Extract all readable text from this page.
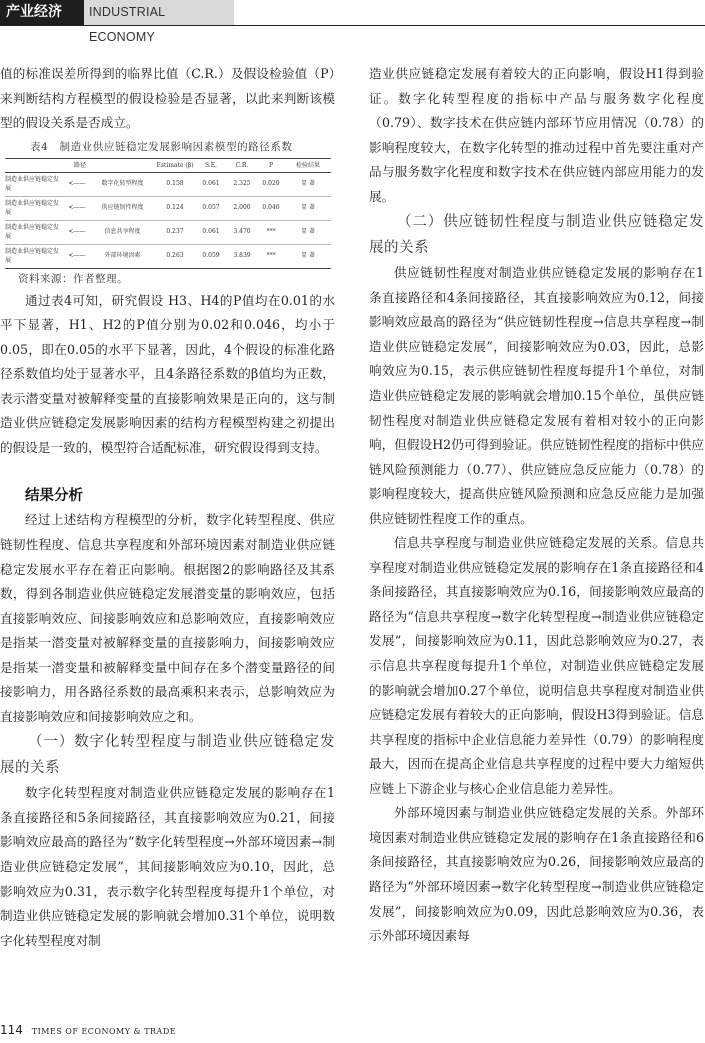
产业经济	INDUSTRIAL ECONOMY

值的标准误差所得到的临界比值（C.R.）及假设检验值（P）来判断结构方程模型的假设检验是否显著，以此来判断该模型的假设关系是否成立。

表4　制造业供应链稳定发展影响因素模型的路径系数
路径			Estimate (β)	S.E.	C.R.	P	检验结果
制造业供应链稳定发展	<——	数字化转型程度	0.158	0.061	2.325	0.020	显 著
制造业供应链稳定发展	<——	供应链韧性程度	0.124	0.057	2.000	0.046	显 著
制造业供应链稳定发展	<——	信息共享程度	0.237	0.061	3.470	***	显 著
制造业供应链稳定发展	<——	外部环境因素	0.263	0.059	3.839	***	显 著
资料来源：作者整理。

通过表4可知，研究假设 H3、H4的P值均在0.01的水平下显著，H1、H2的P值分别为0.02和0.046，均小于0.05，即在0.05的水平下显著，因此，4个假设的标准化路径系数值均处于显著水平，且4条路径系数的β值均为正数，表示潜变量对被解释变量的直接影响效果是正向的，这与制造业供应链稳定发展影响因素的结构方程模型构建之初提出的假设是一致的，模型符合适配标准，研究假设得到支持。

结果分析

经过上述结构方程模型的分析，数字化转型程度、供应链韧性程度、信息共享程度和外部环境因素对制造业供应链稳定发展水平存在着正向影响。根据图2的影响路径及其系数，得到各制造业供应链稳定发展潜变量的影响效应，包括直接影响效应、间接影响效应和总影响效应，直接影响效应是指某一潜变量对被解释变量的直接影响力，间接影响效应是指某一潜变量和被解释变量中间存在多个潜变量路径的间接影响力，用各路径系数的最高乘积来表示，总影响效应为直接影响效应和间接影响效应之和。

（一）数字化转型程度与制造业供应链稳定发展的关系

数字化转型程度对制造业供应链稳定发展的影响存在1条直接路径和5条间接路径，其直接影响效应为0.21，间接影响效应最高的路径为“数字化转型程度→外部环境因素→制造业供应链稳定发展”，其间接影响效应为0.10，因此，总影响效应为0.31，表示数字化转型程度每提升1个单位，对制造业供应链稳定发展的影响就会增加0.31个单位，说明数字化转型程度对制

造业供应链稳定发展有着较大的正向影响，假设H1得到验证。数字化转型程度的指标中产品与服务数字化程度（0.79）、数字技术在供应链内部环节应用情况（0.78）的影响程度较大，在数字化转型的推动过程中首先要注重对产品与服务数字化程度和数字技术在供应链内部应用能力的发展。

（二）供应链韧性程度与制造业供应链稳定发展的关系

供应链韧性程度对制造业供应链稳定发展的影响存在1条直接路径和4条间接路径，其直接影响效应为0.12，间接影响效应最高的路径为“供应链韧性程度→信息共享程度→制造业供应链稳定发展”，间接影响效应为0.03，因此，总影响效应为0.15，表示供应链韧性程度每提升1个单位，对制造业供应链稳定发展的影响就会增加0.15个单位，虽供应链韧性程度对制造业供应链稳定发展有着相对较小的正向影响，但假设H2仍可得到验证。供应链韧性程度的指标中供应链风险预测能力（0.77）、供应链应急反应能力（0.78）的影响程度较大，提高供应链风险预测和应急反应能力是加强供应链韧性程度工作的重点。

信息共享程度与制造业供应链稳定发展的关系。信息共享程度对制造业供应链稳定发展的影响存在1条直接路径和4条间接路径，其直接影响效应为0.16，间接影响效应最高的路径为“信息共享程度→数字化转型程度→制造业供应链稳定发展”，间接影响效应为0.11，因此总影响效应为0.27，表示信息共享程度每提升1个单位，对制造业供应链稳定发展的影响就会增加0.27个单位，说明信息共享程度对制造业供应链稳定发展有着较大的正向影响，假设H3得到验证。信息共享程度的指标中企业信息能力差异性（0.79）的影响程度最大，因而在提高企业信息共享程度的过程中要大力缩短供应链上下游企业与核心企业信息能力差异性。

外部环境因素与制造业供应链稳定发展的关系。外部环境因素对制造业供应链稳定发展的影响存在1条直接路径和6条间接路径，其直接影响效应为0.26，间接影响效应最高的路径为“外部环境因素→数字化转型程度→制造业供应链稳定发展”，间接影响效应为0.09，因此总影响效应为0.36，表示外部环境因素每

114 TIMES OF ECONOMY & TRADE
